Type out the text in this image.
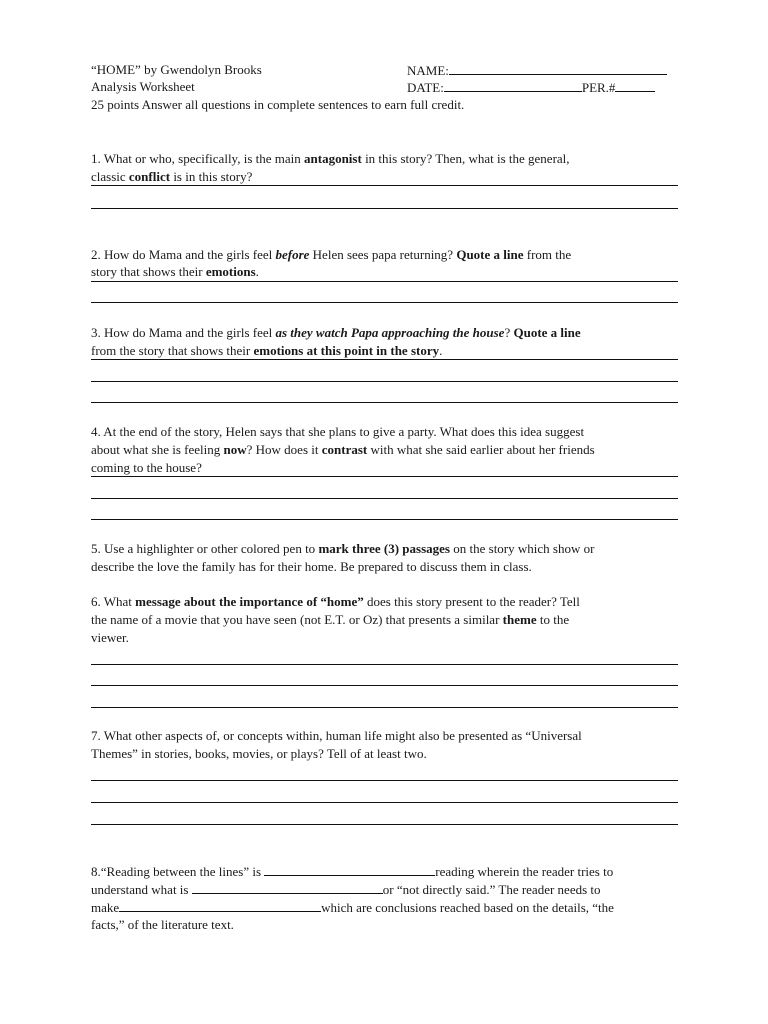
“HOME” by Gwendolyn Brooks
Analysis Worksheet
NAME:
DATE:	PER.#
25 points Answer all questions in complete sentences to earn full credit.
1. What or who, specifically, is the main antagonist in this story? Then, what is the general,
classic conflict is in this story?
2. How do Mama and the girls feel before Helen sees papa returning? Quote a line from the
story that shows their emotions.
3. How do Mama and the girls feel as they watch Papa approaching the house? Quote a line
from the story that shows their emotions at this point in the story.
4. At the end of the story, Helen says that she plans to give a party. What does this idea suggest
about what she is feeling now? How does it contrast with what she said earlier about her friends
coming to the house?
5. Use a highlighter or other colored pen to mark three (3) passages on the story which show or
describe the love the family has for their home. Be prepared to discuss them in class.
6. What message about the importance of “home” does this story present to the reader? Tell
the name of a movie that you have seen (not E.T. or Oz) that presents a similar theme to the
viewer.
7. What other aspects of, or concepts within, human life might also be presented as “Universal
Themes” in stories, books, movies, or plays? Tell of at least two.
8.“Reading between the lines” is	reading wherein the reader tries to
understand what is	or “not directly said.” The reader needs to
make	which are conclusions reached based on the details, “the
facts,” of the literature text.
